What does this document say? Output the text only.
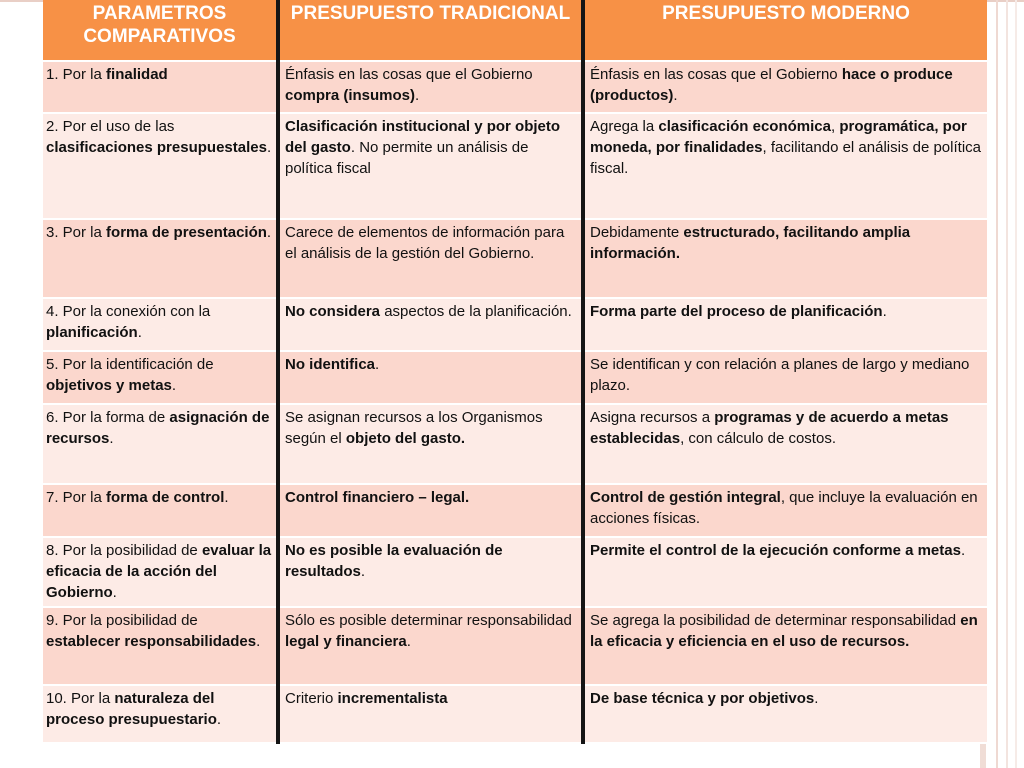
PARAMETROS COMPARATIVOS	PRESUPUESTO TRADICIONAL	PRESUPUESTO MODERNO
1. Por la finalidad	Énfasis en las cosas que el Gobierno compra (insumos).	Énfasis en las cosas que el Gobierno hace o produce (productos).
2. Por el uso de las clasificaciones presupuestales.	Clasificación institucional y por objeto del gasto. No permite un análisis de política fiscal	Agrega la clasificación económica, programática, por moneda, por finalidades, facilitando el análisis de política fiscal.
3. Por la forma de presentación.	Carece de elementos de información para el análisis de la gestión del Gobierno.	Debidamente estructurado, facilitando amplia información.
4. Por la conexión con la planificación.	No considera aspectos de la planificación.	Forma parte del proceso de planificación.
5. Por la identificación de objetivos y metas.	No identifica.	Se identifican y con relación a planes de largo y mediano plazo.
6. Por la forma de asignación de recursos.	Se asignan recursos a los Organismos según el objeto del gasto.	Asigna recursos a programas y de acuerdo a metas establecidas, con cálculo de costos.
7. Por la forma de control.	Control financiero – legal.	Control de gestión integral, que incluye la evaluación en acciones físicas.
8. Por la posibilidad de evaluar la eficacia de la acción del Gobierno.	No es posible la evaluación de resultados.	Permite el control de la ejecución conforme a metas.
9. Por la posibilidad de establecer responsabilidades.	Sólo es posible determinar responsabilidad legal y financiera.	Se agrega la posibilidad de determinar responsabilidad en la eficacia y eficiencia en el uso de recursos.
10. Por la naturaleza del proceso presupuestario.	Criterio incrementalista	De base técnica y por objetivos.
